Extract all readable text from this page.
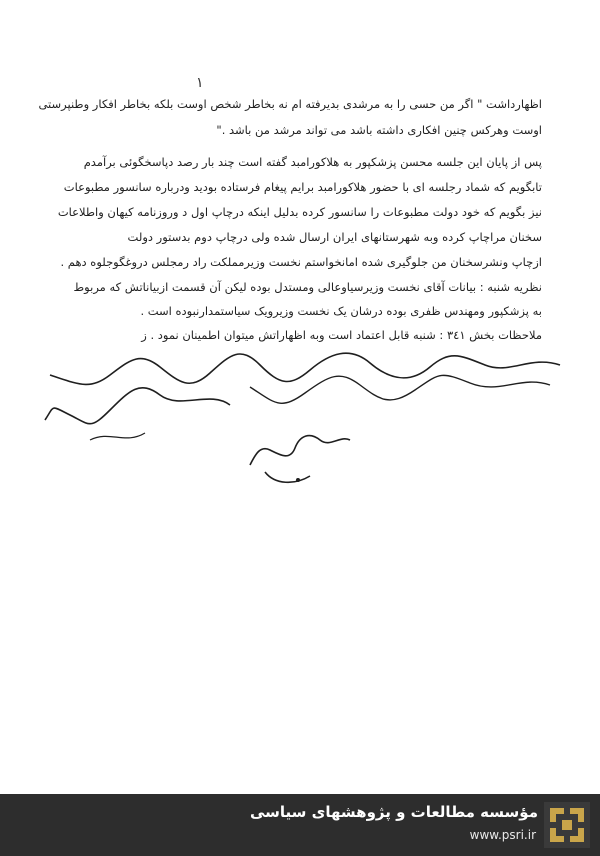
١
اظهارداشت " اگر من حسی را به مرشدی بدیرفته ام نه بخاطر شخص اوست بلکه بخاطر افکار وطنپرستی
اوست وهرکس چنین افکاری داشته باشد می تواند مرشد من باشد ."
پس از پایان این جلسه محسن پزشکپور به هلاکورامبد گفته است چند بار رصد دپاسخگوئی برآمدم
تابگویم که شماد رجلسه ای با حضور هلاکورامبد برایم پیغام فرستاده بودید ودرباره سانسور مطبوعات
نیز بگویم که خود دولت مطبوعات را سانسور کرده بدلیل اینکه درچاپ اول د وروزنامه کیهان واطلاعات
سخنان مراچاپ کرده وبه شهرستانهای ایران ارسال شده ولی درچاپ دوم بدستور دولت
ازچاپ ونشرسخنان من جلوگیری شده امانخواستم نخست وزیرمملکت راد رمجلس دروغگوجلوه دهم .
نظریه شنبه : بیانات آقای نخست وزیرسیاوعالی ومستدل بوده لیکن آن قسمت ازبیاناتش که مربوط
به پزشکپور ومهندس ظفری بوده درشان یک نخست وزیرویک سیاستمدارنبوده است .
ملاحظات بخش ٣٤١ : شنبه قابل اعتماد است وبه اظهاراتش میتوان اطمینان نمود . ز
مؤسسه مطالعات و پژوهشهای سیاسی
www.psri.ir
